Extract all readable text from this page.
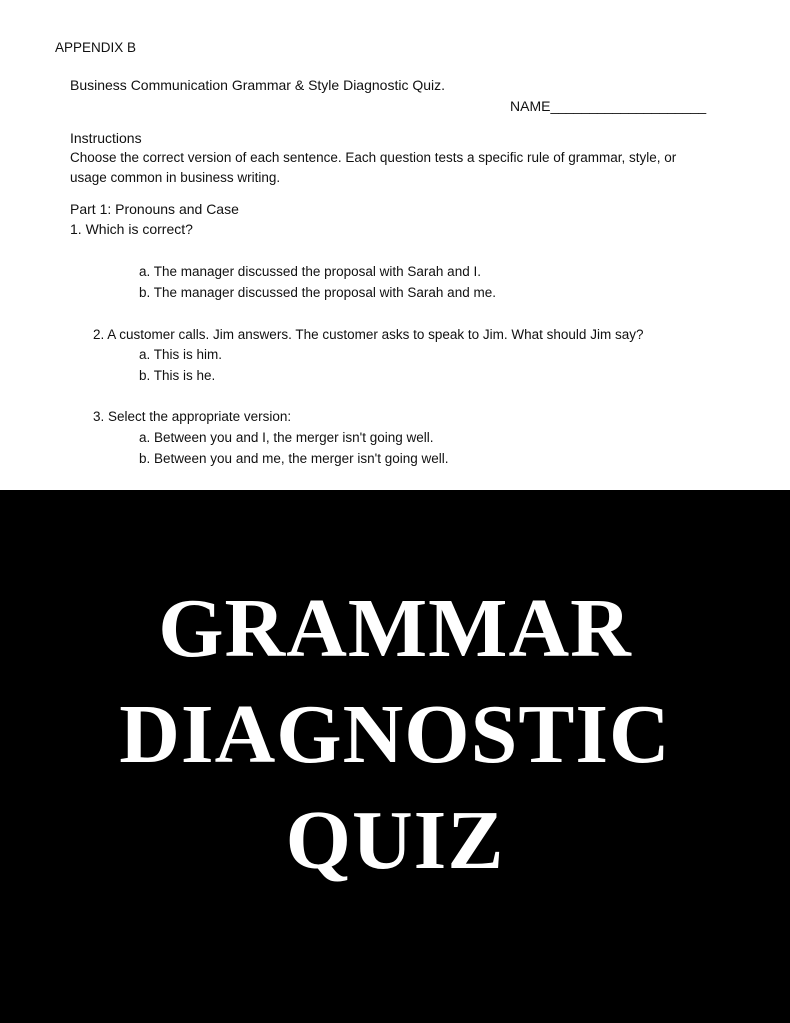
APPENDIX B
Business Communication Grammar & Style Diagnostic Quiz.
NAME____________________
Instructions
Choose the correct version of each sentence. Each question tests a specific rule of grammar, style, or
usage common in business writing.
Part 1: Pronouns and Case
1. Which is correct?
a. The manager discussed the proposal with Sarah and I.
b. The manager discussed the proposal with Sarah and me.
2. A customer calls. Jim answers. The customer asks to speak to Jim. What should Jim say?
a. This is him.
b. This is he.
3. Select the appropriate version:
a. Between you and I, the merger isn't going well.
b. Between you and me, the merger isn't going well.
GRAMMAR
DIAGNOSTIC
QUIZ
